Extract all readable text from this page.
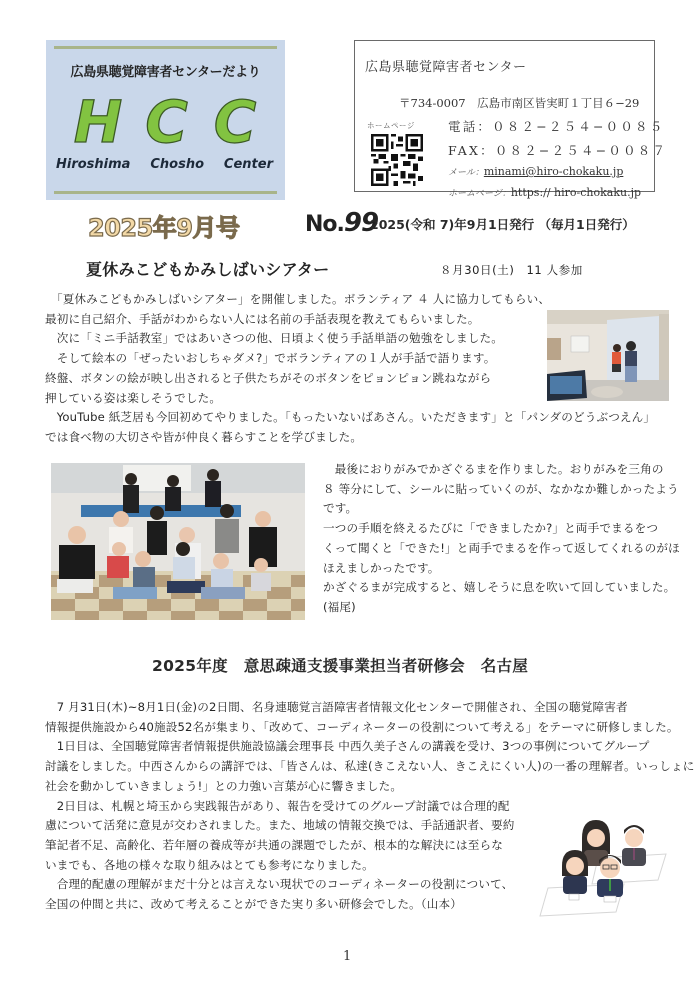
広島県聴覚障害者センターだより
H C C
Hiroshima Chosho Center
2025年9月号	No.99
2025(令和 7)年9月1日発行 （毎月1日発行）
広島県聴覚障害者センター
〒734-0007　広島市南区皆実町１丁目６−29
ホームページ	電話：０８２−２５４−００８５
FAX：０８２−２５４−００８７
メール：minami@hiro-chokaku.jp
ホームページ：https:// hiro-chokaku.jp
夏休みこどもかみしばいシアター	８月30日(土)　11 人参加
　「夏休みこどもかみしばいシアター」を開催しました。ボランティア ４ 人に協力してもらい、
最初に自己紹介、手話がわからない人には名前の手話表現を教えてもらいました。
　次に「ミニ手話教室」ではあいさつの他、日頃よく使う手話単語の勉強をしました。
　そして絵本の「ぜったいおしちゃダメ?」でボランティアの１人が手話で語ります。
終盤、ボタンの絵が映し出されると子供たちがそのボタンをピョンピョン跳ねながら
押している姿は楽しそうでした。
　YouTube 紙芝居も今回初めてやりました。「もったいないばあさん。いただきます」と「パンダのどうぶつえん」
では食べ物の大切さや皆が仲良く暮らすことを学びました。
　最後におりがみでかざぐるまを作りました。おりがみを三角の
８ 等分にして、シールに貼っていくのが、なかなか難しかったよう
です。
一つの手順を終えるたびに「できましたか?」と両手でまるをつ
くって聞くと「できた!」と両手でまるを作って返してくれるのがほ
ほえましかったです。
かざぐるまが完成すると、嬉しそうに息を吹いて回していました。
(福尾)
2025年度　意思疎通支援事業担当者研修会　名古屋
　7 月31日(木)~8月1日(金)の2日間、名身連聴覚言語障害者情報文化センターで開催され、全国の聴覚障害者
情報提供施設から40施設52名が集まり、「改めて、コーディネーターの役割について考える」をテーマに研修しました。
　1日目は、全国聴覚障害者情報提供施設協議会理事長 中西久美子さんの講義を受け、3つの事例についてグループ
討議をしました。中西さんからの講評では、「皆さんは、私達(きこえない人、きこえにくい人)の一番の理解者。いっしょに
社会を動かしていきましょう!」との力強い言葉が心に響きました。
　2日目は、札幌と埼玉から実践報告があり、報告を受けてのグループ討議では合理的配
慮について活発に意見が交わされました。また、地域の情報交換では、手話通訳者、要約
筆記者不足、高齢化、若年層の養成等が共通の課題でしたが、根本的な解決には至らな
いまでも、各地の様々な取り組みはとても参考になりました。
　合理的配慮の理解がまだ十分とは言えない現状でのコーディネーターの役割について、
全国の仲間と共に、改めて考えることができた実り多い研修会でした。（山本）
1
